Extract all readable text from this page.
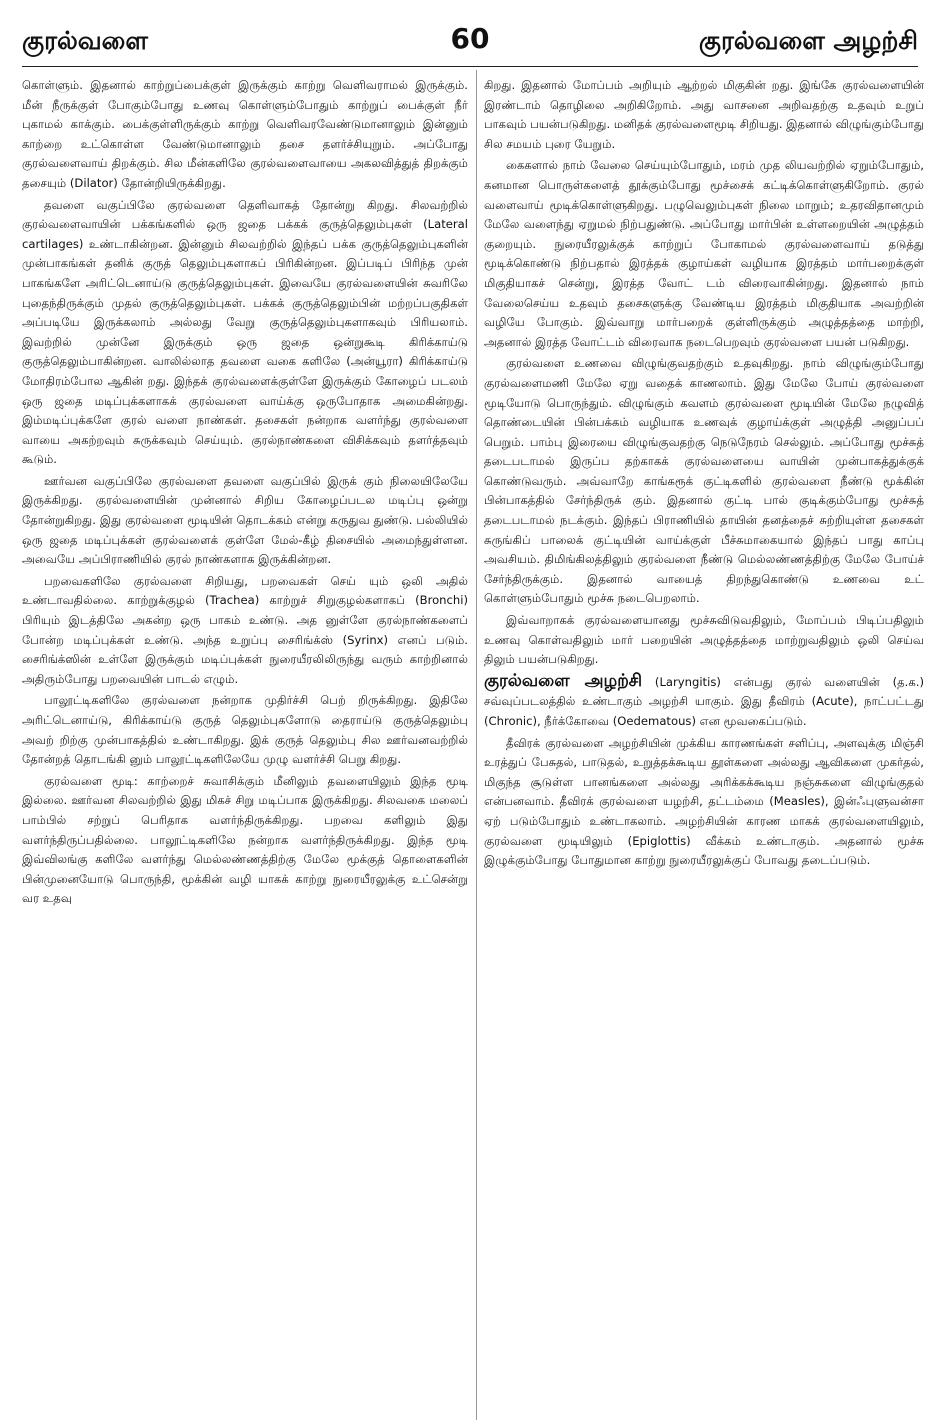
குரல்வளை	60	குரல்வளை அழற்சி

கொள்ளும். இதனால் காற்றுப்பைக்குள் இருக்கும் காற்று வெளிவராமல் இருக்கும். மீன் நீருக்குள் போகும்போது உணவு கொள்ளும்போதும் காற்றுப் பைக்குள் நீர் புகாமல் காக்கும். பைக்குள்ளிருக்கும் காற்று வெளிவரவேண்டுமானாலும் இன்னும் காற்றை உட்கொள்ள வேண்டுமானாலும் தசை தளர்ச்சியுறும். அப்போது குரல்வளைவாய் திறக்கும். சில மீன்களிலே குரல்வளைவாயை அகலவித்துத் திறக்கும் தசையும் (Dilator) தோன்றியிருக்கிறது.

தவளை வகுப்பிலே குரல்வளை தெளிவாகத் தோன்று கிறது. சிலவற்றில் குரல்வளைவாயின் பக்கங்களில் ஒரு ஜதை பக்கக் குருத்தெலும்புகள் (Lateral cartilages) உண்டாகின்றன. இன்னும் சிலவற்றில் இந்தப் பக்க குருத்தெலும்புகளின் முன்பாகங்கள் தனிக் குருத் தெலும்புகளாகப் பிரிகின்றன. இப்படிப் பிரிந்த முன் பாகங்களே அரிட்டெனாய்டு குருத்தெலும்புகள். இவையே குரல்வளையின் சுவரிலே புதைந்திருக்கும் முதல் குருத்தெலும்புகள். பக்கக் குருத்தெலும்பின் மற்றப்பகுதிகள் அப்படியே இருக்கலாம் அல்லது வேறு குருத்தெலும்புகளாகவும் பிரியலாம். இவற்றில் முன்னே இருக்கும் ஒரு ஜதை ஒன்றுகூடி கிரிக்காய்டு குருத்தெலும்பாகின்றன. வாலில்லாத தவளை வகை களிலே (அன்யூரா) கிரிக்காய்டு மோதிரம்போல ஆகின் றது. இந்தக் குரல்வளைக்குள்ளே இருக்கும் கோழைப் படலம் ஒரு ஜதை மடிப்புக்களாகக் குரல்வளை வாய்க்கு ஒருபோதாக அமைகின்றது. இம்மடிப்புக்களே குரல் வளை நாண்கள். தசைகள் நன்றாக வளர்ந்து குரல்வளை வாயை அகற்றவும் சுருக்கவும் செய்யும். குரல்நாண்களை விசிக்கவும் தளர்த்தவும் கூடும்.

ஊர்வன வகுப்பிலே குரல்வளை தவளை வகுப்பில் இருக் கும் நிலையிலேயே இருக்கிறது. குரல்வளையின் முன்னால் சிறிய கோழைப்படல மடிப்பு ஒன்று தோன்றுகிறது. இது குரல்வளை மூடியின் தொடக்கம் என்று கருதுவ துண்டு. பல்லியில் ஒரு ஜதை மடிப்புக்கள் குரல்வளைக் குள்ளே மேல்-கீழ் திசையில் அமைந்துள்ளன. அவையே அப்பிராணியில் குரல் நாண்களாக இருக்கின்றன.

பறவைகளிலே குரல்வளை சிறியது, பறவைகள் செய் யும் ஒலி அதில் உண்டாவதில்லை. காற்றுக்குழல் (Trachea) காற்றுச் சிறுகுழல்களாகப் (Bronchi) பிரியும் இடத்திலே அகன்ற ஒரு பாகம் உண்டு. அத னுள்ளே குரல்நாண்களைப் போன்ற மடிப்புக்கள் உண்டு. அந்த உறுப்பு சைரிங்க்ஸ் (Syrinx) எனப் படும். சைரிங்க்ஸின் உள்ளே இருக்கும் மடிப்புக்கள் நுரையீரலிலிருந்து வரும் காற்றினால் அதிரும்போது பறவையின் பாடல் எழும்.

பாலூட்டிகளிலே குரல்வளை நன்றாக முதிர்ச்சி பெற் றிருக்கிறது. இதிலே அரிட்டெனாய்டு, கிரிக்காய்டு குருத் தெலும்புகளோடு தைராய்டு குருத்தெலும்பு அவற் றிற்கு முன்பாகத்தில் உண்டாகிறது. இக் குருத் தெலும்பு சில ஊர்வனவற்றில் தோன்றத் தொடங்கி னும் பாலூட்டிகளிலேயே முழு வளர்ச்சி பெறு கிறது.

குரல்வளை மூடி: காற்றைச் சுவாசிக்கும் மீனிலும் தவளையிலும் இந்த மூடி இல்லை. ஊர்வன சிலவற்றில் இது மிகச் சிறு மடிப்பாக இருக்கிறது. சிலவகை மலைப் பாம்பில் சற்றுப் பெரிதாக வளர்ந்திருக்கிறது. பறவை களிலும் இது வளர்ந்திருப்பதில்லை. பாலூட்டிகளிலே நன்றாக வளர்ந்திருக்கிறது. இந்த மூடி இவ்விலங்கு களிலே வளர்ந்து மெல்லண்ணத்திற்கு மேலே மூக்குத் தொளைகளின் பின்முனையோடு பொருந்தி, மூக்கின் வழி யாகக் காற்று நுரையீரலுக்கு உட்சென்று வர உதவு

கிறது. இதனால் மோப்பம் அறியும் ஆற்றல் மிகுகின் றது. இங்கே குரல்வளையின் இரண்டாம் தொழிலை அறிகிறோம். அது வாசனை அறிவதற்கு உதவும் உறுப் பாகவும் பயன்படுகிறது. மனிதக் குரல்வளைமூடி சிறியது. இதனால் விழுங்கும்போது சில சமயம் புரை யேறும்.

கைகளால் நாம் வேலை செய்யும்போதும், மரம் முத லியவற்றில் ஏறும்போதும், கனமான பொருள்களைத் தூக்கும்போது மூச்சைக் கட்டிக்கொள்ளுகிறோம். குரல் வளைவாய் மூடிக்கொள்ளுகிறது. பழுவெலும்புகள் நிலை மாறும்; உதரவிதானமும் மேலே வளைந்து ஏறுமல் நிற்பதுண்டு. அப்போது மார்பின் உள்ளறையின் அழுத்தம் குறையும். நுரையீரலுக்குக் காற்றுப் போகாமல் குரல்வளைவாய் தடுத்து மூடிக்கொண்டு நிற்பதால் இரத்தக் குழாய்கள் வழியாக இரத்தம் மார்பறைக்குள் மிகுதியாகச் சென்று, இரத்த வோட் டம் விரைவாகின்றது. இதனால் நாம் வேலைசெய்ய உதவும் தசைகளுக்கு வேண்டிய இரத்தம் மிகுதியாக அவற்றின் வழியே போகும். இவ்வாறு மார்பறைக் குள்ளிருக்கும் அழுத்தத்தை மாற்றி, அதனால் இரத்த வோட்டம் விரைவாக நடைபெறவும் குரல்வளை பயன் படுகிறது.

குரல்வளை உணவை விழுங்குவதற்கும் உதவுகிறது. நாம் விழுங்கும்போது குரல்வளைமணி மேலே ஏறு வதைக் காணலாம். இது மேலே போய் குரல்வளை மூடியோடு பொருந்தும். விழுங்கும் கவளம் குரல்வளை மூடியின் மேலே நழுவித் தொண்டையின் பின்பக்கம் வழியாக உணவுக் குழாய்க்குள் அழுத்தி அனுப்பப் பெறும். பாம்பு இரையை விழுங்குவதற்கு நெடுநேரம் செல்லும். அப்போது மூச்சுத் தடைபடாமல் இருப்ப தற்காகக் குரல்வளையை வாயின் முன்பாகத்துக்குக் கொண்டுவரும். அவ்வாறே காங்கரூக் குட்டிகளில் குரல்வளை நீண்டு மூக்கின் பின்பாகத்தில் சேர்ந்திருக் கும். இதனால் குட்டி பால் குடிக்கும்போது மூச்சுத் தடைபடாமல் நடக்கும். இந்தப் பிராணியில் தாயின் தனத்தைச் சுற்றியுள்ள தசைகள் சுருங்கிப் பாலைக் குட்டியின் வாய்க்குள் பீச்சுமாகையால் இந்தப் பாது காப்பு அவசியம். திமிங்கிலத்திலும் குரல்வளை நீண்டு மெல்லண்ணத்திற்கு மேலே போய்ச் சேர்ந்திருக்கும். இதனால் வாயைத் திறந்துகொண்டு உணவை உட் கொள்ளும்போதும் மூச்சு நடைபெறலாம்.

இவ்வாறாகக் குரல்வளையானது மூச்சுவிடுவதிலும், மோப்பம் பிடிப்பதிலும் உணவு கொள்வதிலும் மார் பறையின் அழுத்தத்தை மாற்றுவதிலும் ஒலி செய்வ திலும் பயன்படுகிறது.

குரல்வளை அழற்சி (Laryngitis) என்பது குரல் வளையின் (த.க.) சவ்வுப்படலத்தில் உண்டாகும் அழற்சி யாகும். இது தீவிரம் (Acute), நாட்பட்டது (Chronic), நீர்க்கோவை (Oedematous) என மூவகைப்படும்.

தீவிரக் குரல்வளை அழற்சியின் முக்கிய காரணங்கள் சளிப்பு, அளவுக்கு மிஞ்சி உரத்துப் பேசுதல், பாடுதல், உறுத்தக்கூடிய தூள்களை அல்லது ஆவிகளை முகர்தல், மிகுந்த சூடுள்ள பானங்களை அல்லது அரிக்கக்கூடிய நஞ்சுகளை விழுங்குதல் என்பனவாம். தீவிரக் குரல்வளை யழற்சி, தட்டம்மை (Measles), இன்ஃபுளுவன்சா ஏற் படும்போதும் உண்டாகலாம். அழற்சியின் காரண மாகக் குரல்வளையிலும், குரல்வளை மூடியிலும் (Epiglottis) வீக்கம் உண்டாகும். அதனால் மூச்சு இழுக்கும்போது போதுமான காற்று நுரையீரலுக்குப் போவது தடைப்படும்.
